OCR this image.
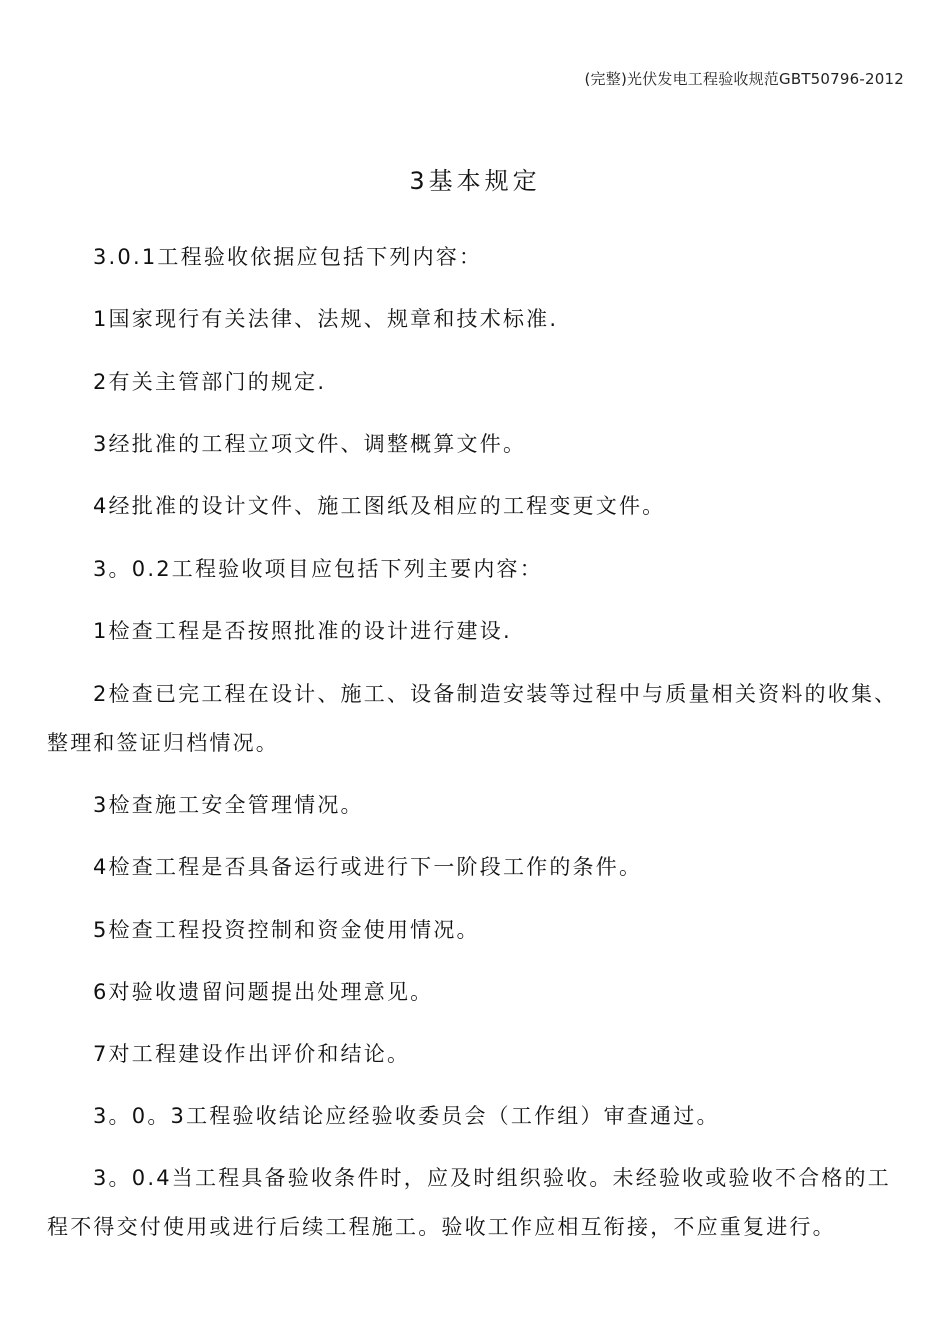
(完整)光伏发电工程验收规范GBT50796-2012
3基本规定
3.0.1工程验收依据应包括下列内容：
1国家现行有关法律、法规、规章和技术标准.
2有关主管部门的规定.
3经批准的工程立项文件、调整概算文件。
4经批准的设计文件、施工图纸及相应的工程变更文件。
3。0.2工程验收项目应包括下列主要内容：
1检查工程是否按照批准的设计进行建设.
2检查已完工程在设计、施工、设备制造安装等过程中与质量相关资料的收集、
整理和签证归档情况。
3检查施工安全管理情况。
4检查工程是否具备运行或进行下一阶段工作的条件。
5检查工程投资控制和资金使用情况。
6对验收遗留问题提出处理意见。
7对工程建设作出评价和结论。
3。0。3工程验收结论应经验收委员会（工作组）审查通过。
3。0.4当工程具备验收条件时，应及时组织验收。未经验收或验收不合格的工
程不得交付使用或进行后续工程施工。验收工作应相互衔接，不应重复进行。
